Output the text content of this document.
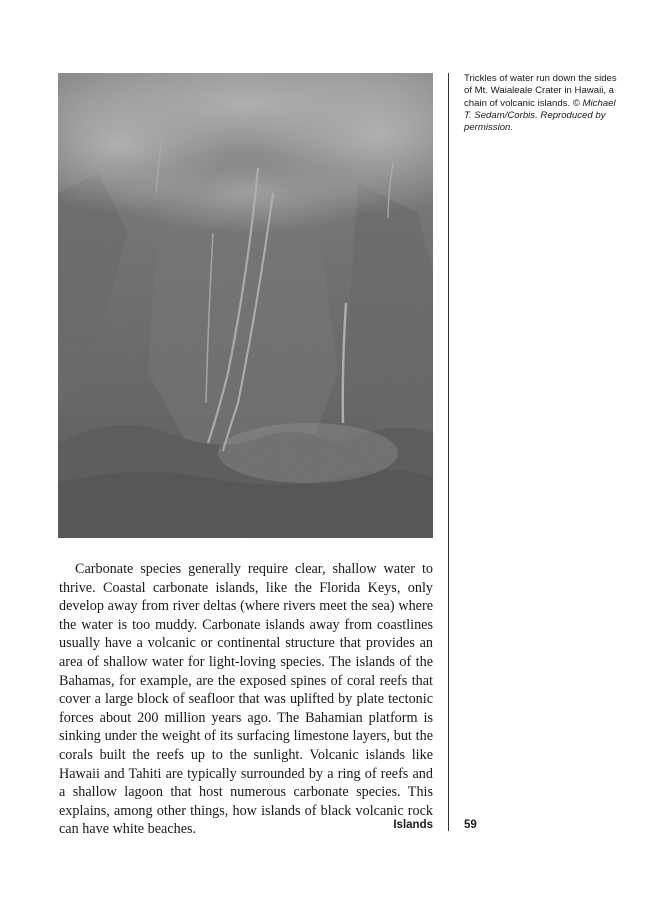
Trickles of water run down the sides of Mt. Waialeale Crater in Hawaii, a chain of volcanic islands. © Michael T. Sedam/Corbis. Reproduced by permission.

Carbonate species generally require clear, shallow water to thrive. Coastal carbonate islands, like the Florida Keys, only develop away from river deltas (where rivers meet the sea) where the water is too muddy. Carbonate islands away from coastlines usually have a volcanic or continental structure that provides an area of shallow water for light-loving species. The islands of the Bahamas, for example, are the exposed spines of coral reefs that cover a large block of seafloor that was uplifted by plate tectonic forces about 200 million years ago. The Bahamian platform is sinking under the weight of its surfacing limestone layers, but the corals built the reefs up to the sunlight. Volcanic islands like Hawaii and Tahiti are typically surrounded by a ring of reefs and a shallow lagoon that host numerous carbonate species. This explains, among other things, how islands of black volcanic rock can have white beaches.	Islands	59
